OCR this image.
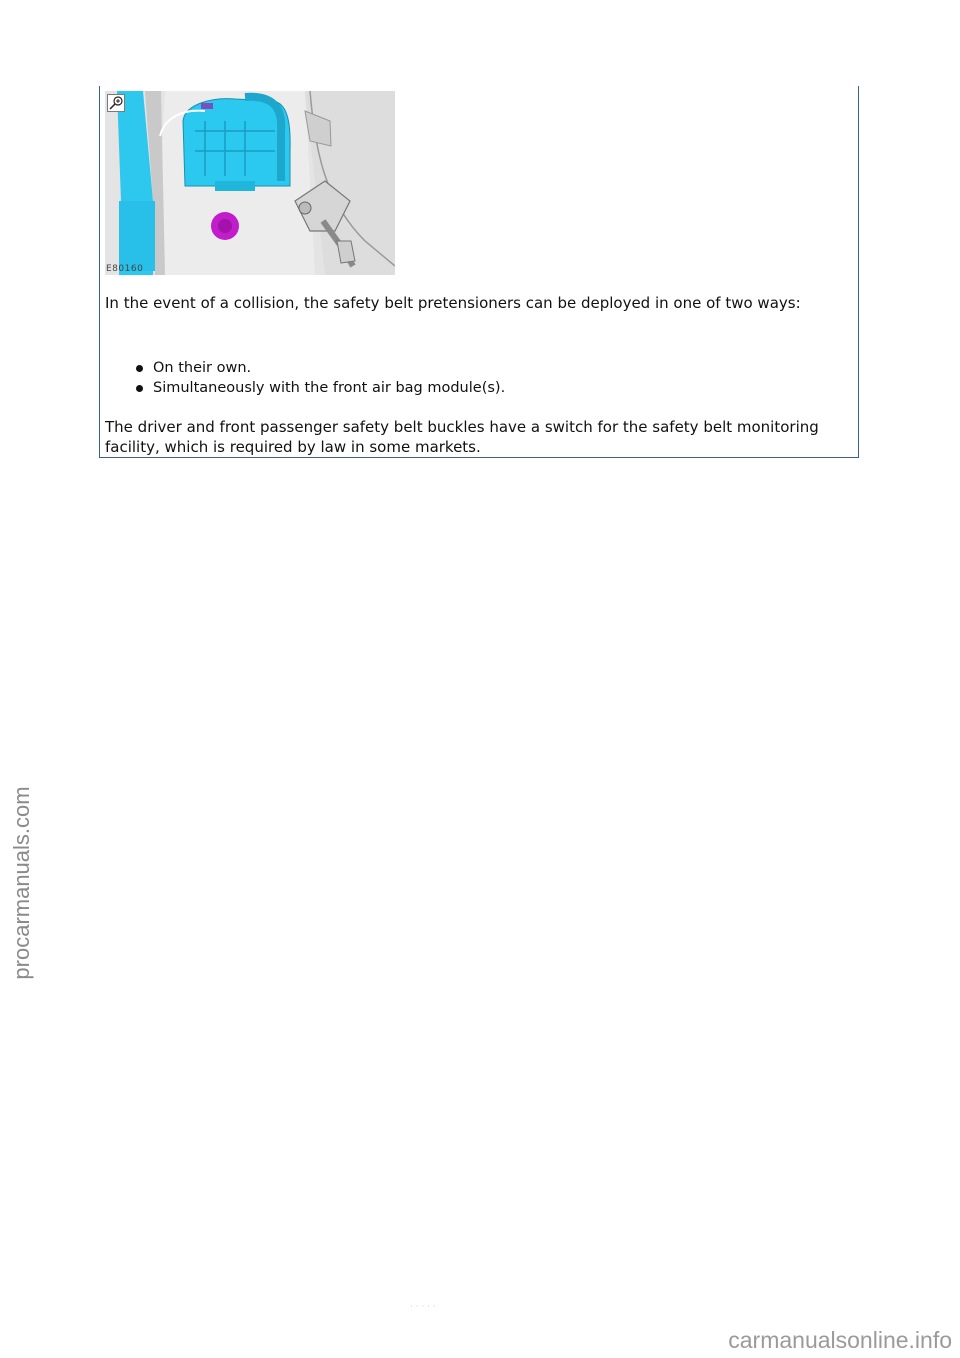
E80160

In the event of a collision, the safety belt pretensioners can be deployed in one of two ways:

On their own.
Simultaneously with the front air bag module(s).

The driver and front passenger safety belt buckles have a switch for the safety belt monitoring facility, which is required by law in some markets.

procarmanuals.com
· · · · ·
carmanualsonline.info
